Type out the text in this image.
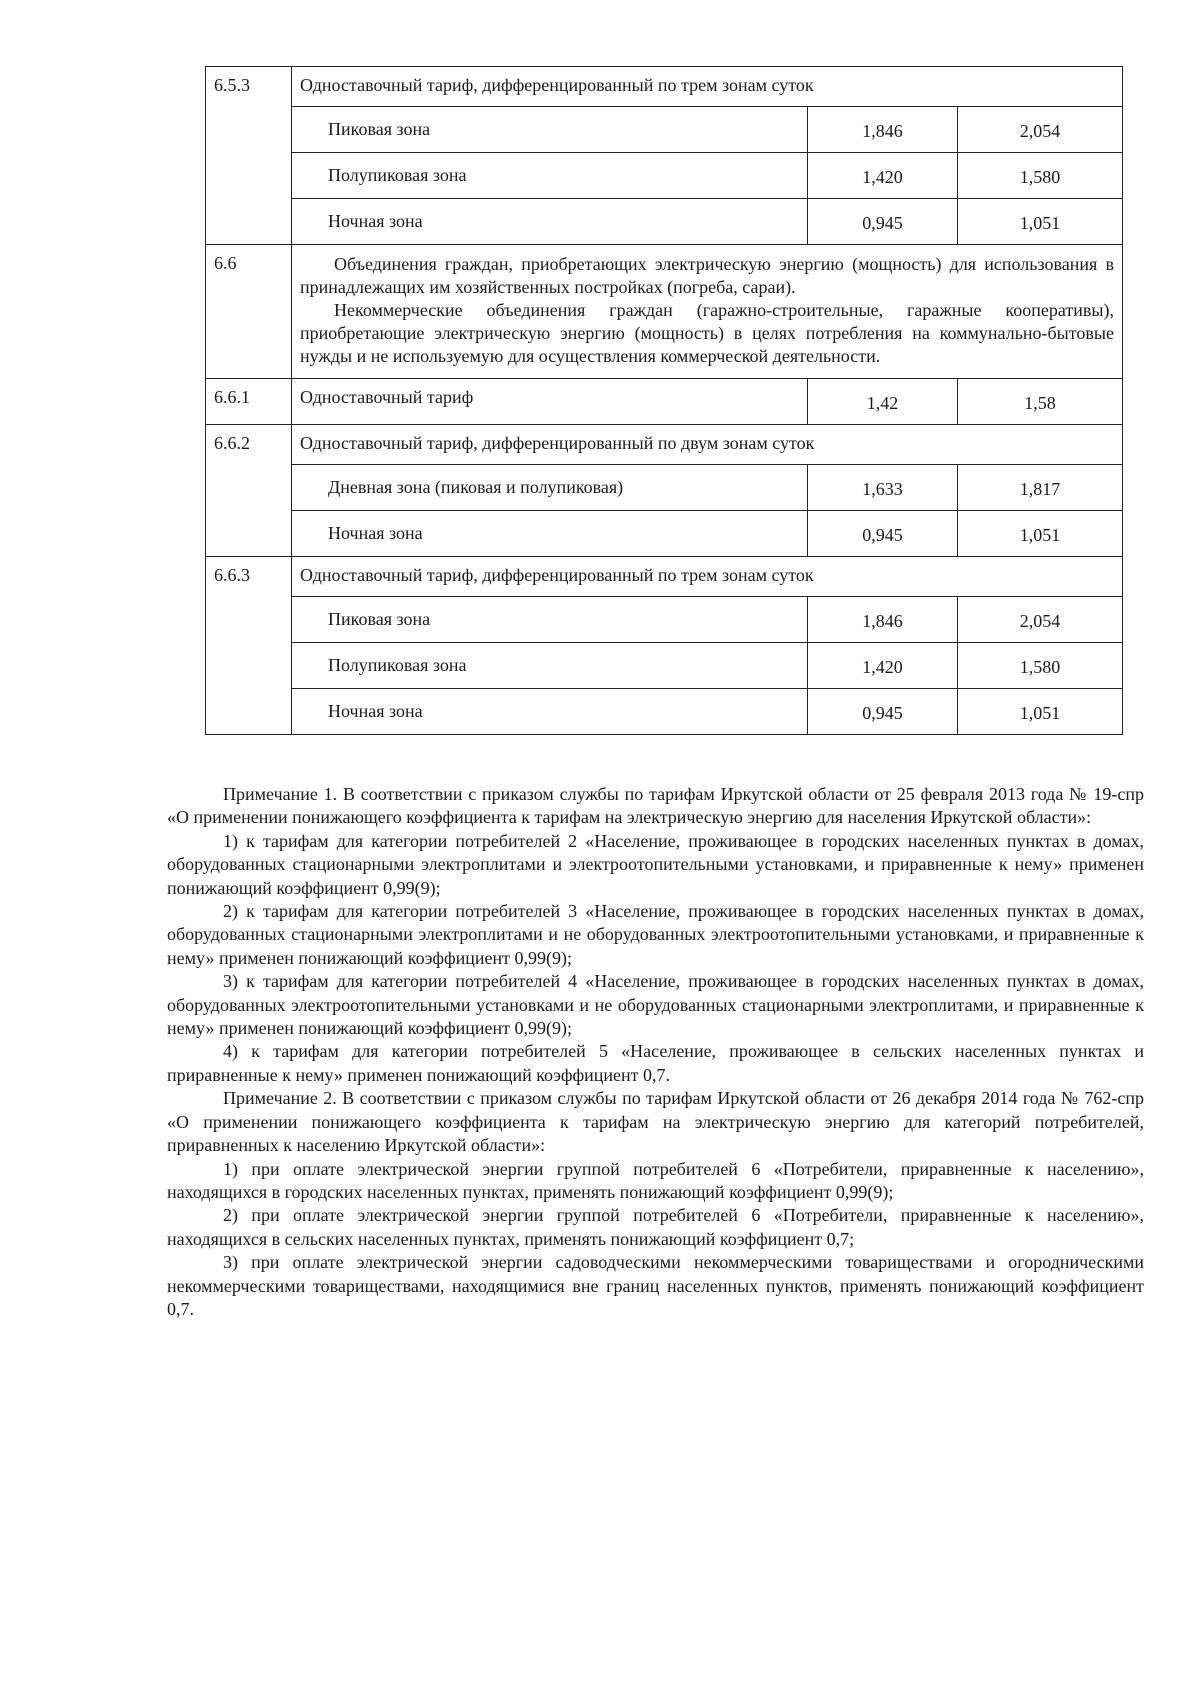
6.5.3	Одноставочный тариф, дифференцированный по трем зонам суток		
	Пиковая зона	1,846	2,054
	Полупиковая зона	1,420	1,580
	Ночная зона	0,945	1,051
6.6	Объединения граждан, приобретающих электрическую энергию (мощность) для использования в принадлежащих им хозяйственных постройках (погреба, сараи).

Некоммерческие объединения граждан (гаражно-строительные, гаражные кооперативы), приобретающие электрическую энергию (мощность) в целях потребления на коммунально-бытовые нужды и не используемую для осуществления коммерческой деятельности.		

6.6.1	Одноставочный тариф	1,42	1,58
6.6.2	Одноставочный тариф, дифференцированный по двум зонам суток		
	Дневная зона (пиковая и полупиковая)	1,633	1,817
	Ночная зона	0,945	1,051
6.6.3	Одноставочный тариф, дифференцированный по трем зонам суток		
	Пиковая зона	1,846	2,054
	Полупиковая зона	1,420	1,580
	Ночная зона	0,945	1,051

Примечание 1. В соответствии с приказом службы по тарифам Иркутской области от 25 февраля 2013 года № 19-спр «О применении понижающего коэффициента к тарифам на электрическую энергию для населения Иркутской области»:

1) к тарифам для категории потребителей 2 «Население, проживающее в городских населенных пунктах в домах, оборудованных стационарными электроплитами и электроотопительными установками, и приравненные к нему» применен понижающий коэффициент 0,99(9);

2) к тарифам для категории потребителей 3 «Население, проживающее в городских населенных пунктах в домах, оборудованных стационарными электроплитами и не оборудованных электроотопительными установками, и приравненные к нему» применен понижающий коэффициент 0,99(9);

3) к тарифам для категории потребителей 4 «Население, проживающее в городских населенных пунктах в домах, оборудованных электроотопительными установками и не оборудованных стационарными электроплитами, и приравненные к нему» применен понижающий коэффициент 0,99(9);

4) к тарифам для категории потребителей 5 «Население, проживающее в сельских населенных пунктах и приравненные к нему» применен понижающий коэффициент 0,7.

Примечание 2. В соответствии с приказом службы по тарифам Иркутской области от 26 декабря 2014 года № 762-спр «О применении понижающего коэффициента к тарифам на электрическую энергию для категорий потребителей, приравненных к населению Иркутской области»:

1) при оплате электрической энергии группой потребителей 6 «Потребители, приравненные к населению», находящихся в городских населенных пунктах, применять понижающий коэффициент 0,99(9);

2) при оплате электрической энергии группой потребителей 6 «Потребители, приравненные к населению», находящихся в сельских населенных пунктах, применять понижающий коэффициент 0,7;

3) при оплате электрической энергии садоводческими некоммерческими товариществами и огородническими некоммерческими товариществами, находящимися вне границ населенных пунктов, применять понижающий коэффициент 0,7.
